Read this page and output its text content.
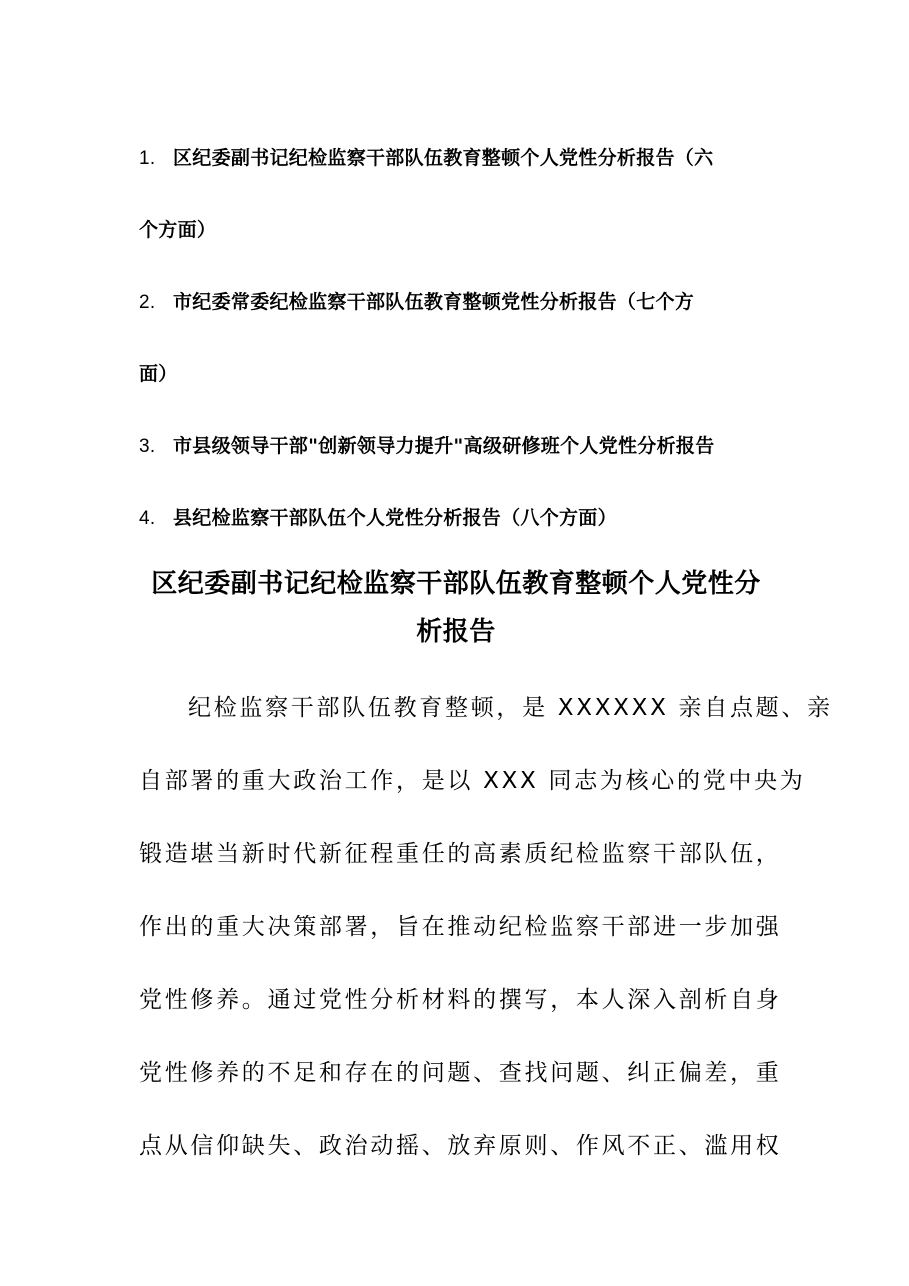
1. 区纪委副书记纪检监察干部队伍教育整顿个人党性分析报告（六
个方面）
2. 市纪委常委纪检监察干部队伍教育整顿党性分析报告（七个方
面）
3. 市县级领导干部"创新领导力提升"高级研修班个人党性分析报告
4. 县纪检监察干部队伍个人党性分析报告（八个方面）
区纪委副书记纪检监察干部队伍教育整顿个人党性分
析报告
纪检监察干部队伍教育整顿，是 XXXXXX 亲自点题、亲
自部署的重大政治工作，是以 XXX 同志为核心的党中央为
锻造堪当新时代新征程重任的高素质纪检监察干部队伍，
作出的重大决策部署，旨在推动纪检监察干部进一步加强
党性修养。通过党性分析材料的撰写，本人深入剖析自身
党性修养的不足和存在的问题、查找问题、纠正偏差，重
点从信仰缺失、政治动摇、放弃原则、作风不正、滥用权
